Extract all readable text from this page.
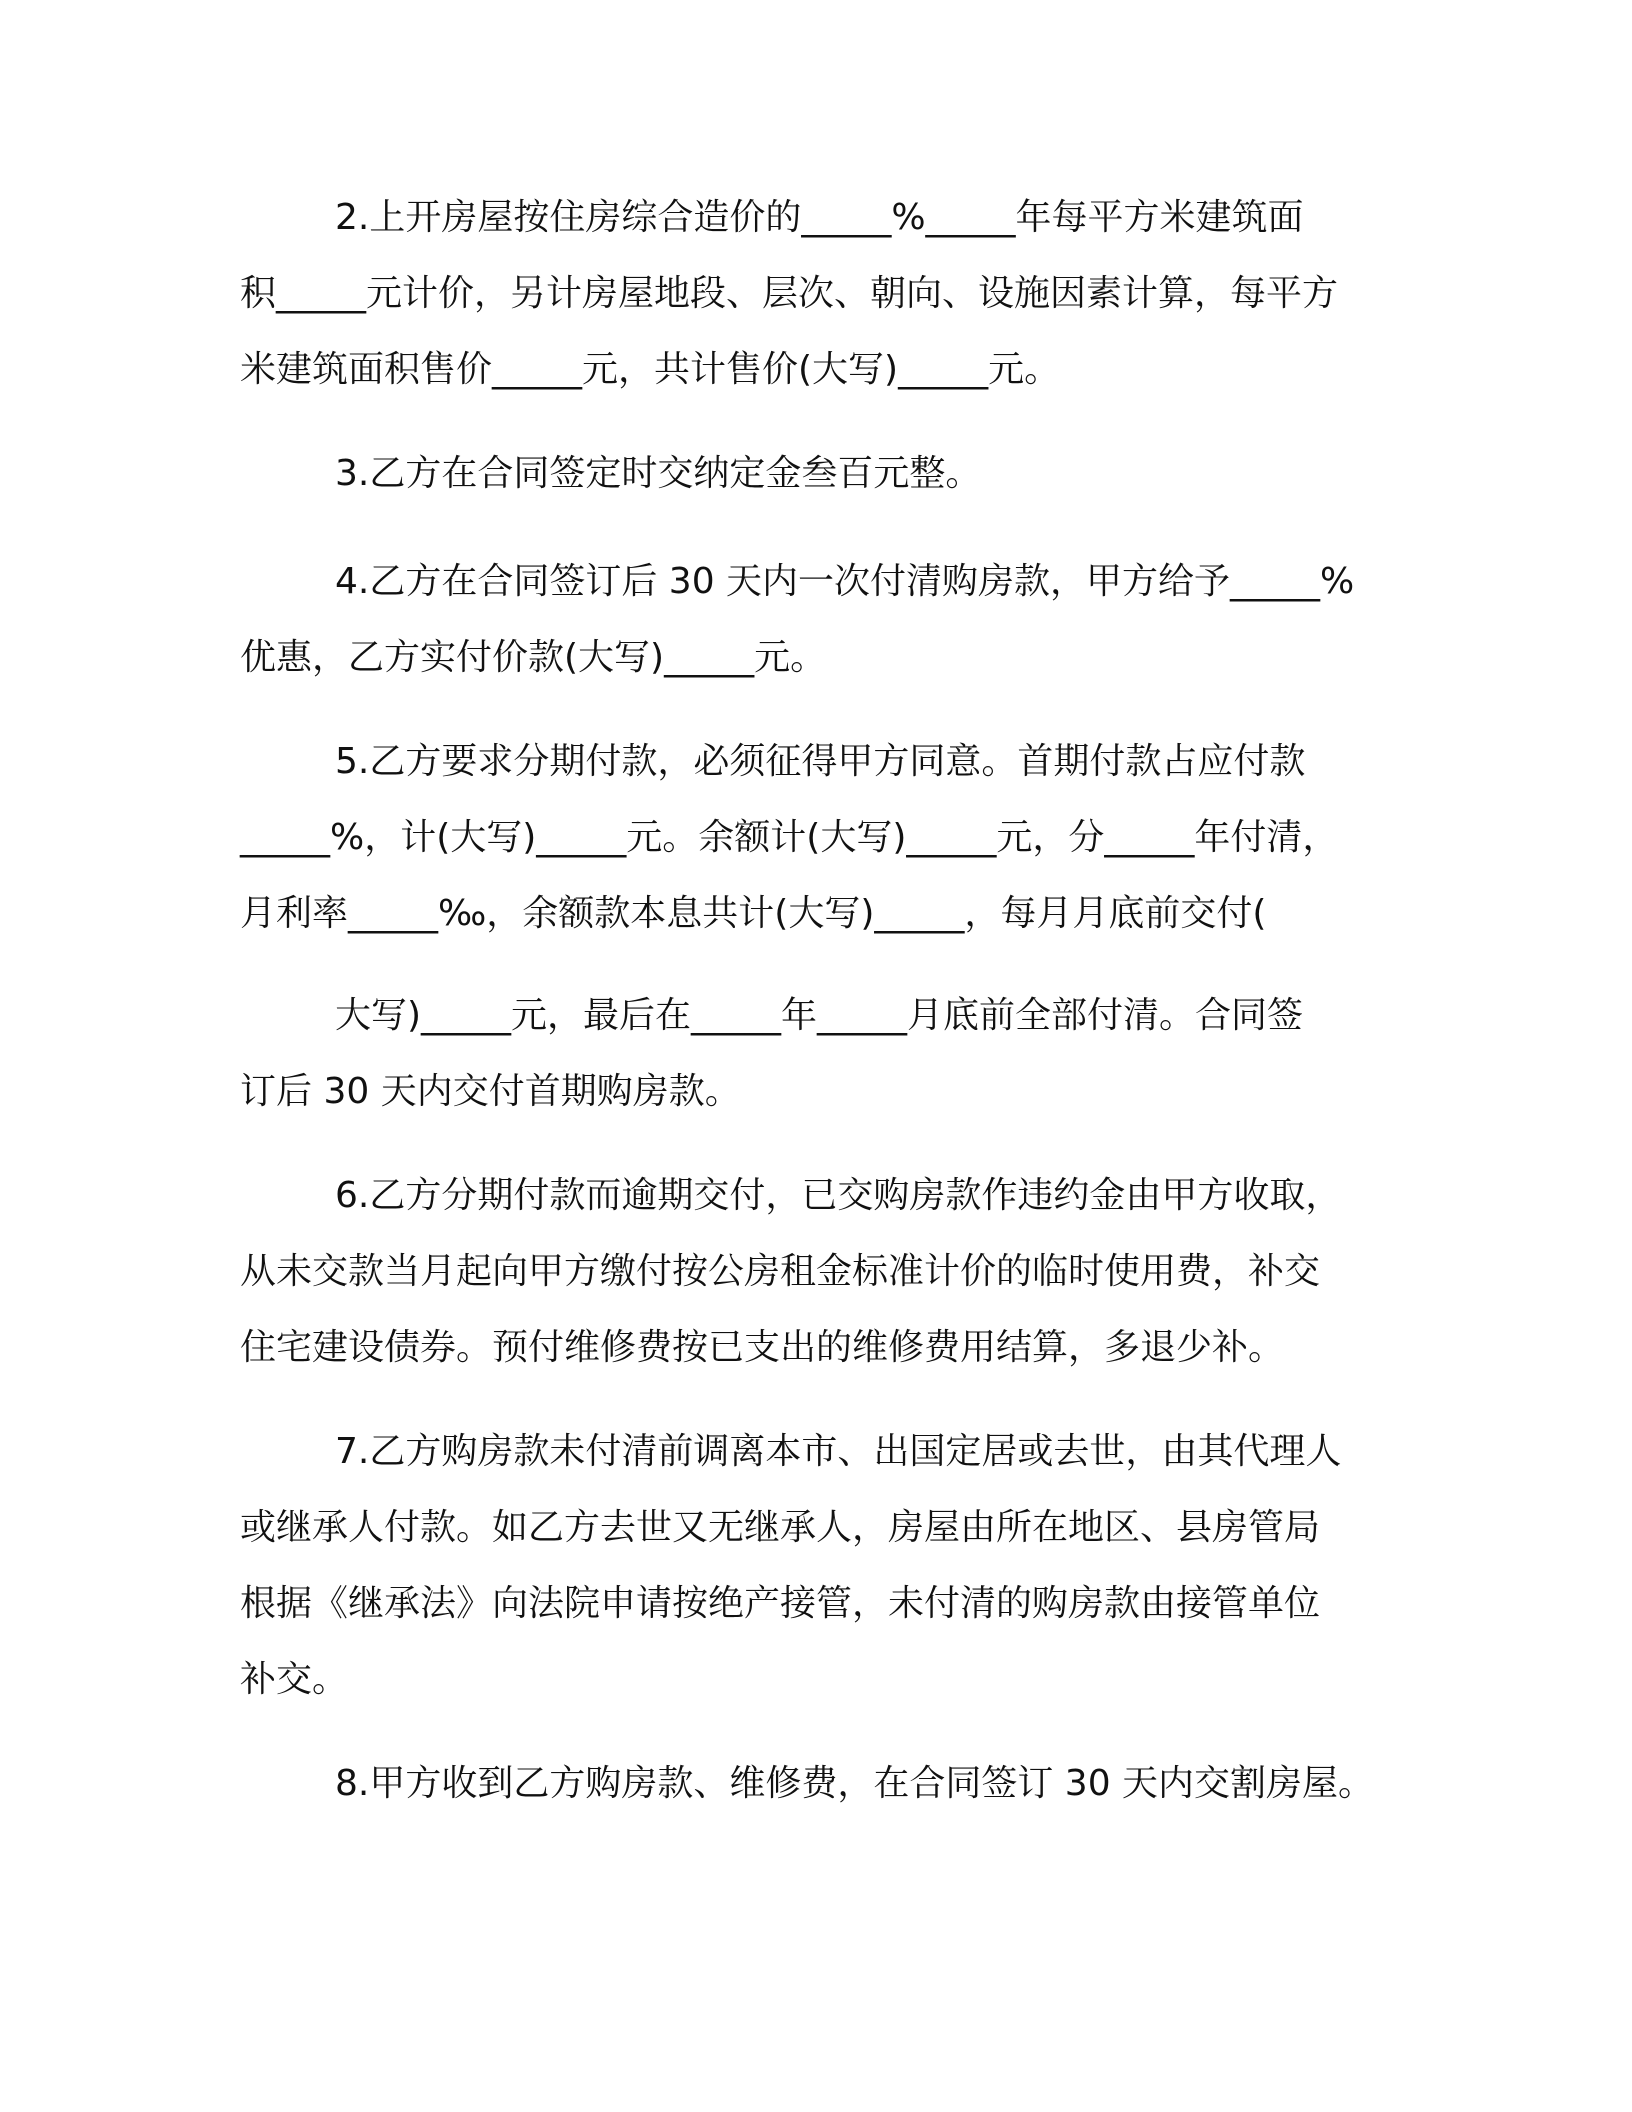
2.上开房屋按住房综合造价的_____%_____年每平方米建筑面

积_____元计价，另计房屋地段、层次、朝向、设施因素计算，每平方

米建筑面积售价_____元，共计售价(大写)_____元。

3.乙方在合同签定时交纳定金叁百元整。

4.乙方在合同签订后 30 天内一次付清购房款，甲方给予_____%

优惠，乙方实付价款(大写)_____元。

5.乙方要求分期付款，必须征得甲方同意。首期付款占应付款

_____%，计(大写)_____元。余额计(大写)_____元，分_____年付清，

月利率_____‰，余额款本息共计(大写)_____，每月月底前交付(

大写)_____元，最后在_____年_____月底前全部付清。合同签

订后 30 天内交付首期购房款。

6.乙方分期付款而逾期交付，已交购房款作违约金由甲方收取，

从未交款当月起向甲方缴付按公房租金标准计价的临时使用费，补交

住宅建设债券。预付维修费按已支出的维修费用结算，多退少补。

7.乙方购房款未付清前调离本市、出国定居或去世，由其代理人

或继承人付款。如乙方去世又无继承人，房屋由所在地区、县房管局

根据《继承法》向法院申请按绝产接管，未付清的购房款由接管单位

补交。

8.甲方收到乙方购房款、维修费，在合同签订 30 天内交割房屋。
